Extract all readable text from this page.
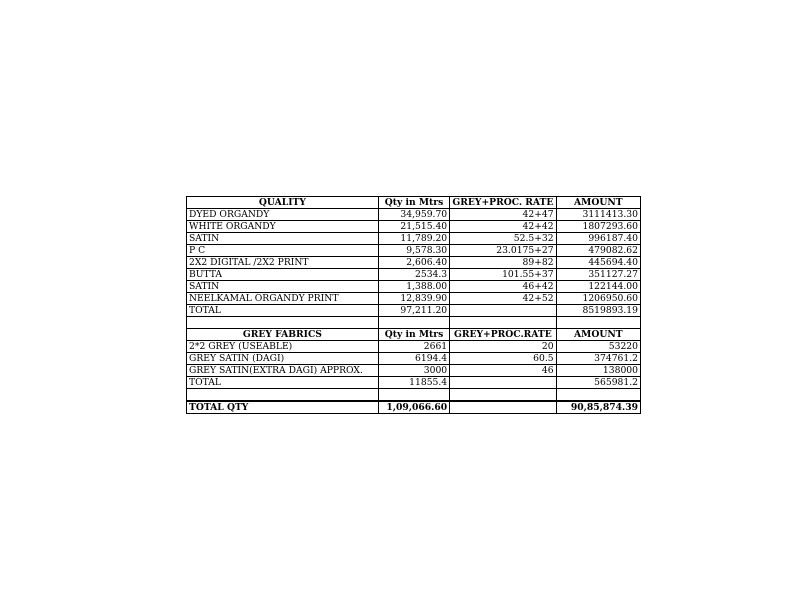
QUALITY	Qty in Mtrs	GREY+PROC. RATE	AMOUNT
DYED ORGANDY	34,959.70	42+47	3111413.30
WHITE ORGANDY	21,515.40	42+42	1807293.60
SATIN	11,789.20	52.5+32	996187.40
P C	9,578.30	23.0175+27	479082.62
2X2 DIGITAL /2X2 PRINT	2,606.40	89+82	445694.40
BUTTA	2534.3	101.55+37	351127.27
SATIN	1,388.00	46+42	122144.00
NEELKAMAL ORGANDY PRINT	12,839.90	42+52	1206950.60
TOTAL	97,211.20		8519893.19

GREY FABRICS	Qty in Mtrs	GREY+PROC.RATE	AMOUNT
2*2 GREY (USEABLE)	2661	20	53220
GREY SATIN (DAGI)	6194.4	60.5	374761.2
GREY SATIN(EXTRA DAGI) APPROX.	3000	46	138000
TOTAL	11855.4		565981.2

TOTAL QTY	1,09,066.60		90,85,874.39
